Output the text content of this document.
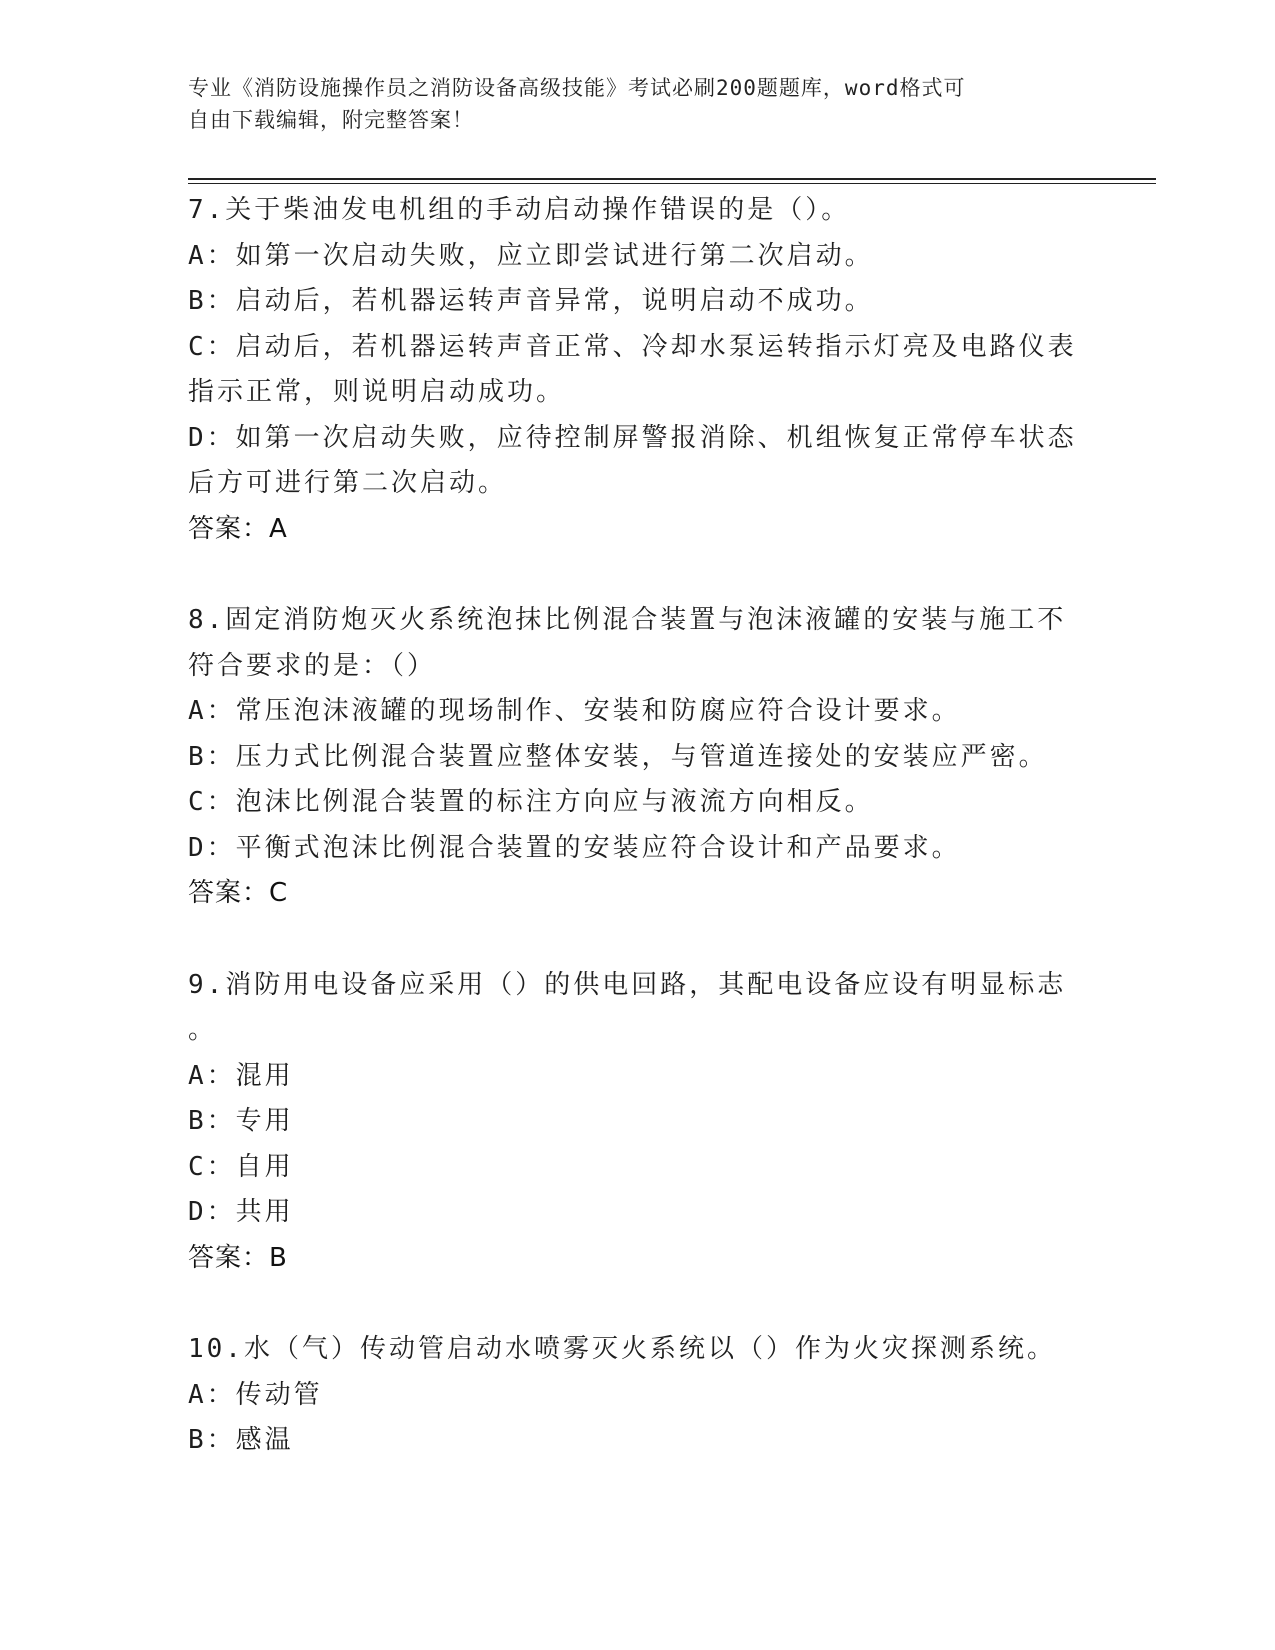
专业《消防设施操作员之消防设备高级技能》考试必刷200题题库，word格式可
自由下载编辑，附完整答案！
7.关于柴油发电机组的手动启动操作错误的是（）。
A：如第一次启动失败，应立即尝试进行第二次启动。
B：启动后，若机器运转声音异常，说明启动不成功。
C：启动后，若机器运转声音正常、冷却水泵运转指示灯亮及电路仪表
指示正常，则说明启动成功。
D：如第一次启动失败，应待控制屏警报消除、机组恢复正常停车状态
后方可进行第二次启动。
答案：A
8.固定消防炮灭火系统泡抹比例混合装置与泡沫液罐的安装与施工不
符合要求的是：（）
A：常压泡沫液罐的现场制作、安装和防腐应符合设计要求。
B：压力式比例混合装置应整体安装，与管道连接处的安装应严密。
C：泡沫比例混合装置的标注方向应与液流方向相反。
D：平衡式泡沫比例混合装置的安装应符合设计和产品要求。
答案：C
9.消防用电设备应采用（）的供电回路，其配电设备应设有明显标志
。
A：混用
B：专用
C：自用
D：共用
答案：B
10.水（气）传动管启动水喷雾灭火系统以（）作为火灾探测系统。
A：传动管
B：感温
